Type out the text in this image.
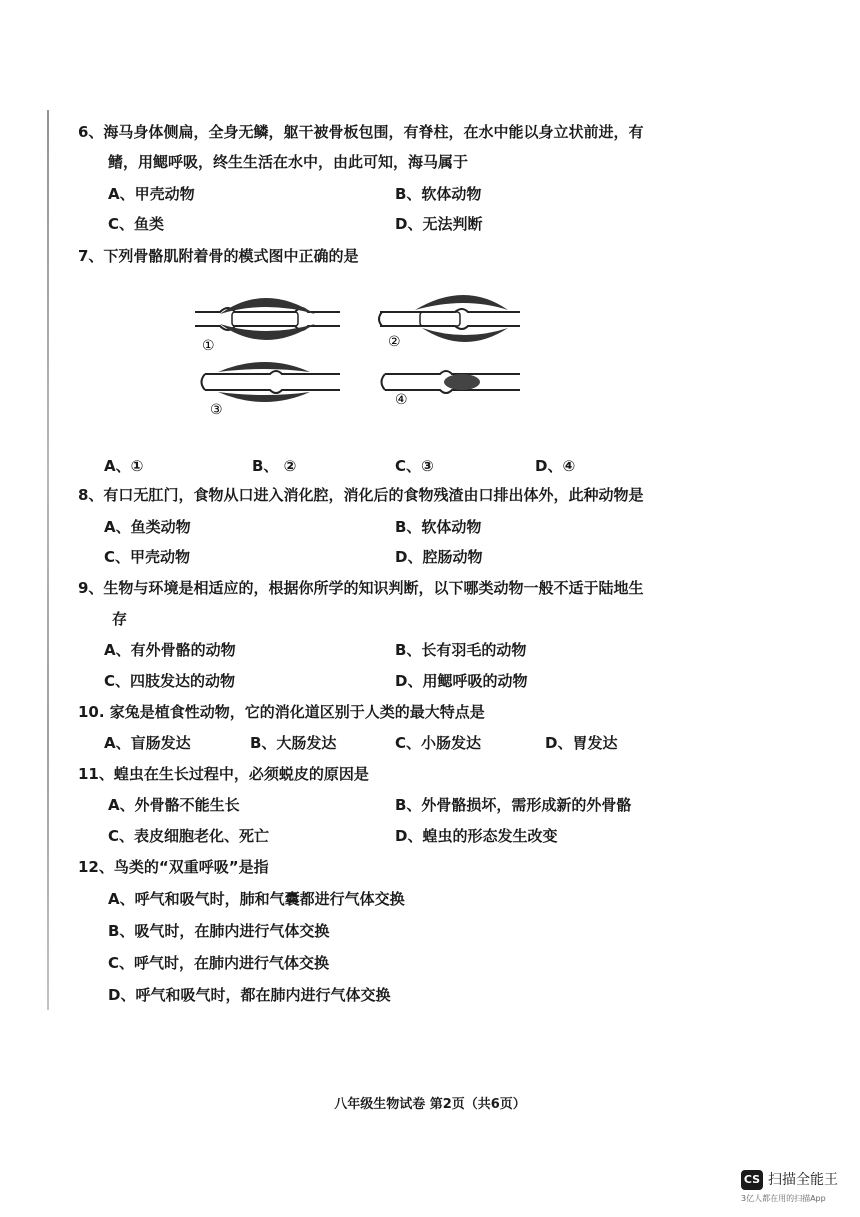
6、海马身体侧扁，全身无鳞，躯干被骨板包围，有脊柱，在水中能以身立状前进，有
鳍，用鳃呼吸，终生生活在水中，由此可知，海马属于
A、甲壳动物	B、软体动物
C、鱼类	D、无法判断
7、下列骨骼肌附着骨的模式图中正确的是
①	②
③
④
A、①	B、 ②	C、③	D、④
8、有口无肛门，食物从口进入消化腔，消化后的食物残渣由口排出体外，此种动物是
A、鱼类动物	B、软体动物
C、甲壳动物	D、腔肠动物
9、生物与环境是相适应的，根据你所学的知识判断，以下哪类动物一般不适于陆地生
存
A、有外骨骼的动物	B、长有羽毛的动物
C、四肢发达的动物	D、用鳃呼吸的动物
10. 家兔是植食性动物，它的消化道区别于人类的最大特点是
A、盲肠发达	B、大肠发达	C、小肠发达	D、胃发达
11、蝗虫在生长过程中，必须蜕皮的原因是
A、外骨骼不能生长	B、外骨骼损坏，需形成新的外骨骼
C、表皮细胞老化、死亡	D、蝗虫的形态发生改变
12、鸟类的“双重呼吸”是指
A、呼气和吸气时，肺和气囊都进行气体交换
B、吸气时，在肺内进行气体交换
C、呼气时，在肺内进行气体交换
D、呼气和吸气时，都在肺内进行气体交换
八年级生物试卷 第2页（共6页）
CS 扫描全能王
3亿人都在用的扫描App
